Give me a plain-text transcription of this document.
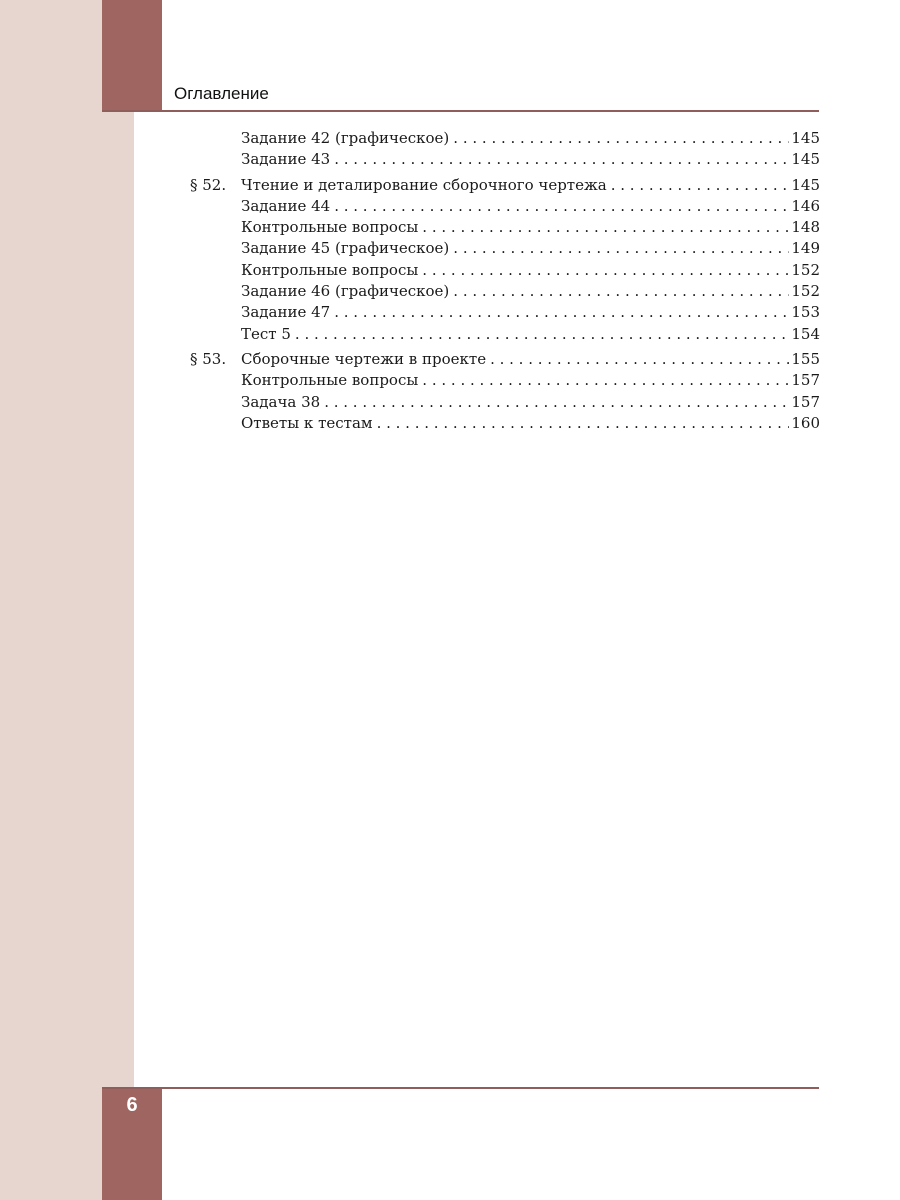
Оглавление
Задание 42 (графическое) . . .	145
Задание 43 . . .	145
§ 52. Чтение и деталирование сборочного чертежа . . .	145
Задание 44 . . .	146
Контрольные вопросы . . .	148
Задание 45 (графическое) . . .	149
Контрольные вопросы . . .	152
Задание 46 (графическое) . . .	152
Задание 47 . . .	153
Тест 5 . . .	154
§ 53. Сборочные чертежи в проекте . . .	155
Контрольные вопросы . . .	157
Задача 38 . . .	157
Ответы к тестам . . .	160
6
